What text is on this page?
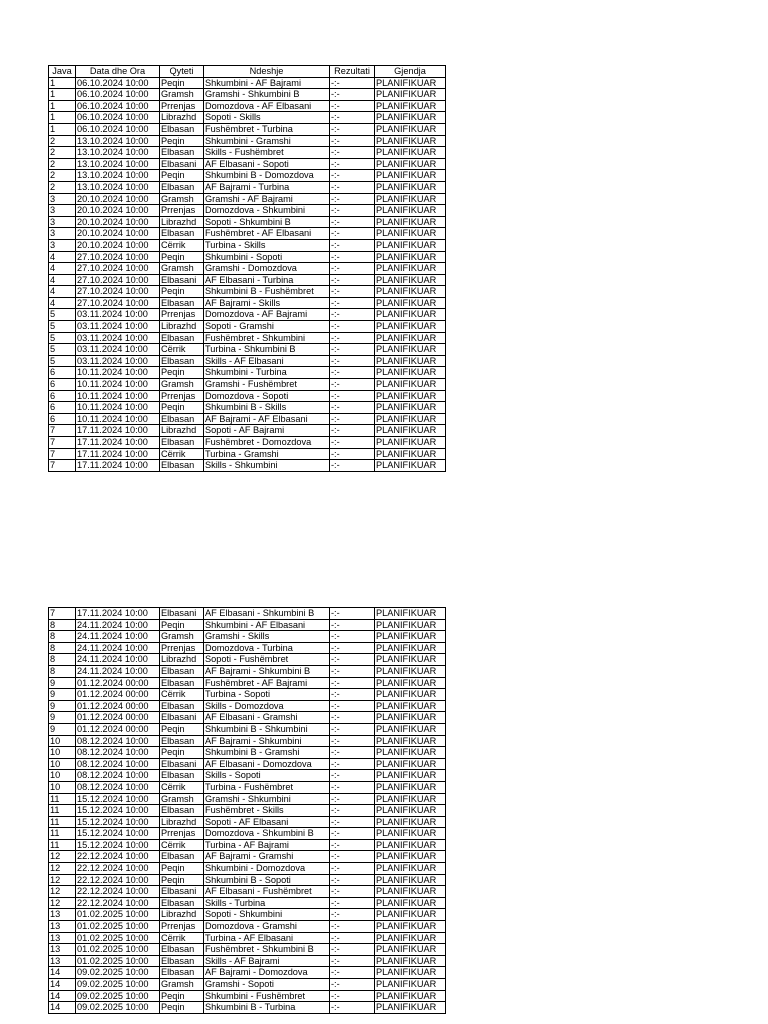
Java	Data dhe Ora	Qyteti	Ndeshje	Rezultati	Gjendja
1	06.10.2024 10:00	Peqin	Shkumbini - AF Bajrami	-:-	PLANIFIKUAR
1	06.10.2024 10:00	Gramsh	Gramshi - Shkumbini B	-:-	PLANIFIKUAR
1	06.10.2024 10:00	Prrenjas	Domozdova - AF Elbasani	-:-	PLANIFIKUAR
1	06.10.2024 10:00	Librazhd	Sopoti - Skills	-:-	PLANIFIKUAR
1	06.10.2024 10:00	Elbasan	Fushëmbret - Turbina	-:-	PLANIFIKUAR
2	13.10.2024 10:00	Peqin	Shkumbini - Gramshi	-:-	PLANIFIKUAR
2	13.10.2024 10:00	Elbasan	Skills - Fushëmbret	-:-	PLANIFIKUAR
2	13.10.2024 10:00	Elbasani	AF Elbasani - Sopoti	-:-	PLANIFIKUAR
2	13.10.2024 10:00	Peqin	Shkumbini B - Domozdova	-:-	PLANIFIKUAR
2	13.10.2024 10:00	Elbasan	AF Bajrami - Turbina	-:-	PLANIFIKUAR
3	20.10.2024 10:00	Gramsh	Gramshi - AF Bajrami	-:-	PLANIFIKUAR
3	20.10.2024 10:00	Prrenjas	Domozdova - Shkumbini	-:-	PLANIFIKUAR
3	20.10.2024 10:00	Librazhd	Sopoti - Shkumbini B	-:-	PLANIFIKUAR
3	20.10.2024 10:00	Elbasan	Fushëmbret - AF Elbasani	-:-	PLANIFIKUAR
3	20.10.2024 10:00	Cërrik	Turbina - Skills	-:-	PLANIFIKUAR
4	27.10.2024 10:00	Peqin	Shkumbini - Sopoti	-:-	PLANIFIKUAR
4	27.10.2024 10:00	Gramsh	Gramshi - Domozdova	-:-	PLANIFIKUAR
4	27.10.2024 10:00	Elbasani	AF Elbasani - Turbina	-:-	PLANIFIKUAR
4	27.10.2024 10:00	Peqin	Shkumbini B - Fushëmbret	-:-	PLANIFIKUAR
4	27.10.2024 10:00	Elbasan	AF Bajrami - Skills	-:-	PLANIFIKUAR
5	03.11.2024 10:00	Prrenjas	Domozdova - AF Bajrami	-:-	PLANIFIKUAR
5	03.11.2024 10:00	Librazhd	Sopoti - Gramshi	-:-	PLANIFIKUAR
5	03.11.2024 10:00	Elbasan	Fushëmbret - Shkumbini	-:-	PLANIFIKUAR
5	03.11.2024 10:00	Cërrik	Turbina - Shkumbini B	-:-	PLANIFIKUAR
5	03.11.2024 10:00	Elbasan	Skills - AF Elbasani	-:-	PLANIFIKUAR
6	10.11.2024 10:00	Peqin	Shkumbini - Turbina	-:-	PLANIFIKUAR
6	10.11.2024 10:00	Gramsh	Gramshi - Fushëmbret	-:-	PLANIFIKUAR
6	10.11.2024 10:00	Prrenjas	Domozdova - Sopoti	-:-	PLANIFIKUAR
6	10.11.2024 10:00	Peqin	Shkumbini B - Skills	-:-	PLANIFIKUAR
6	10.11.2024 10:00	Elbasan	AF Bajrami - AF Elbasani	-:-	PLANIFIKUAR
7	17.11.2024 10:00	Librazhd	Sopoti - AF Bajrami	-:-	PLANIFIKUAR
7	17.11.2024 10:00	Elbasan	Fushëmbret - Domozdova	-:-	PLANIFIKUAR
7	17.11.2024 10:00	Cërrik	Turbina - Gramshi	-:-	PLANIFIKUAR
7	17.11.2024 10:00	Elbasan	Skills - Shkumbini	-:-	PLANIFIKUAR
7	17.11.2024 10:00	Elbasani	AF Elbasani - Shkumbini B	-:-	PLANIFIKUAR
8	24.11.2024 10:00	Peqin	Shkumbini - AF Elbasani	-:-	PLANIFIKUAR
8	24.11.2024 10:00	Gramsh	Gramshi - Skills	-:-	PLANIFIKUAR
8	24.11.2024 10:00	Prrenjas	Domozdova - Turbina	-:-	PLANIFIKUAR
8	24.11.2024 10:00	Librazhd	Sopoti - Fushëmbret	-:-	PLANIFIKUAR
8	24.11.2024 10:00	Elbasan	AF Bajrami - Shkumbini B	-:-	PLANIFIKUAR
9	01.12.2024 00:00	Elbasan	Fushëmbret - AF Bajrami	-:-	PLANIFIKUAR
9	01.12.2024 00:00	Cërrik	Turbina - Sopoti	-:-	PLANIFIKUAR
9	01.12.2024 00:00	Elbasan	Skills - Domozdova	-:-	PLANIFIKUAR
9	01.12.2024 00:00	Elbasani	AF Elbasani - Gramshi	-:-	PLANIFIKUAR
9	01.12.2024 00:00	Peqin	Shkumbini B - Shkumbini	-:-	PLANIFIKUAR
10	08.12.2024 10:00	Elbasan	AF Bajrami - Shkumbini	-:-	PLANIFIKUAR
10	08.12.2024 10:00	Peqin	Shkumbini B - Gramshi	-:-	PLANIFIKUAR
10	08.12.2024 10:00	Elbasani	AF Elbasani - Domozdova	-:-	PLANIFIKUAR
10	08.12.2024 10:00	Elbasan	Skills - Sopoti	-:-	PLANIFIKUAR
10	08.12.2024 10:00	Cërrik	Turbina - Fushëmbret	-:-	PLANIFIKUAR
11	15.12.2024 10:00	Gramsh	Gramshi - Shkumbini	-:-	PLANIFIKUAR
11	15.12.2024 10:00	Elbasan	Fushëmbret - Skills	-:-	PLANIFIKUAR
11	15.12.2024 10:00	Librazhd	Sopoti - AF Elbasani	-:-	PLANIFIKUAR
11	15.12.2024 10:00	Prrenjas	Domozdova - Shkumbini B	-:-	PLANIFIKUAR
11	15.12.2024 10:00	Cërrik	Turbina - AF Bajrami	-:-	PLANIFIKUAR
12	22.12.2024 10:00	Elbasan	AF Bajrami - Gramshi	-:-	PLANIFIKUAR
12	22.12.2024 10:00	Peqin	Shkumbini - Domozdova	-:-	PLANIFIKUAR
12	22.12.2024 10:00	Peqin	Shkumbini B - Sopoti	-:-	PLANIFIKUAR
12	22.12.2024 10:00	Elbasani	AF Elbasani - Fushëmbret	-:-	PLANIFIKUAR
12	22.12.2024 10:00	Elbasan	Skills - Turbina	-:-	PLANIFIKUAR
13	01.02.2025 10:00	Librazhd	Sopoti - Shkumbini	-:-	PLANIFIKUAR
13	01.02.2025 10:00	Prrenjas	Domozdova - Gramshi	-:-	PLANIFIKUAR
13	01.02.2025 10:00	Cërrik	Turbina - AF Elbasani	-:-	PLANIFIKUAR
13	01.02.2025 10:00	Elbasan	Fushëmbret - Shkumbini B	-:-	PLANIFIKUAR
13	01.02.2025 10:00	Elbasan	Skills - AF Bajrami	-:-	PLANIFIKUAR
14	09.02.2025 10:00	Elbasan	AF Bajrami - Domozdova	-:-	PLANIFIKUAR
14	09.02.2025 10:00	Gramsh	Gramshi - Sopoti	-:-	PLANIFIKUAR
14	09.02.2025 10:00	Peqin	Shkumbini - Fushëmbret	-:-	PLANIFIKUAR
14	09.02.2025 10:00	Peqin	Shkumbini B - Turbina	-:-	PLANIFIKUAR
